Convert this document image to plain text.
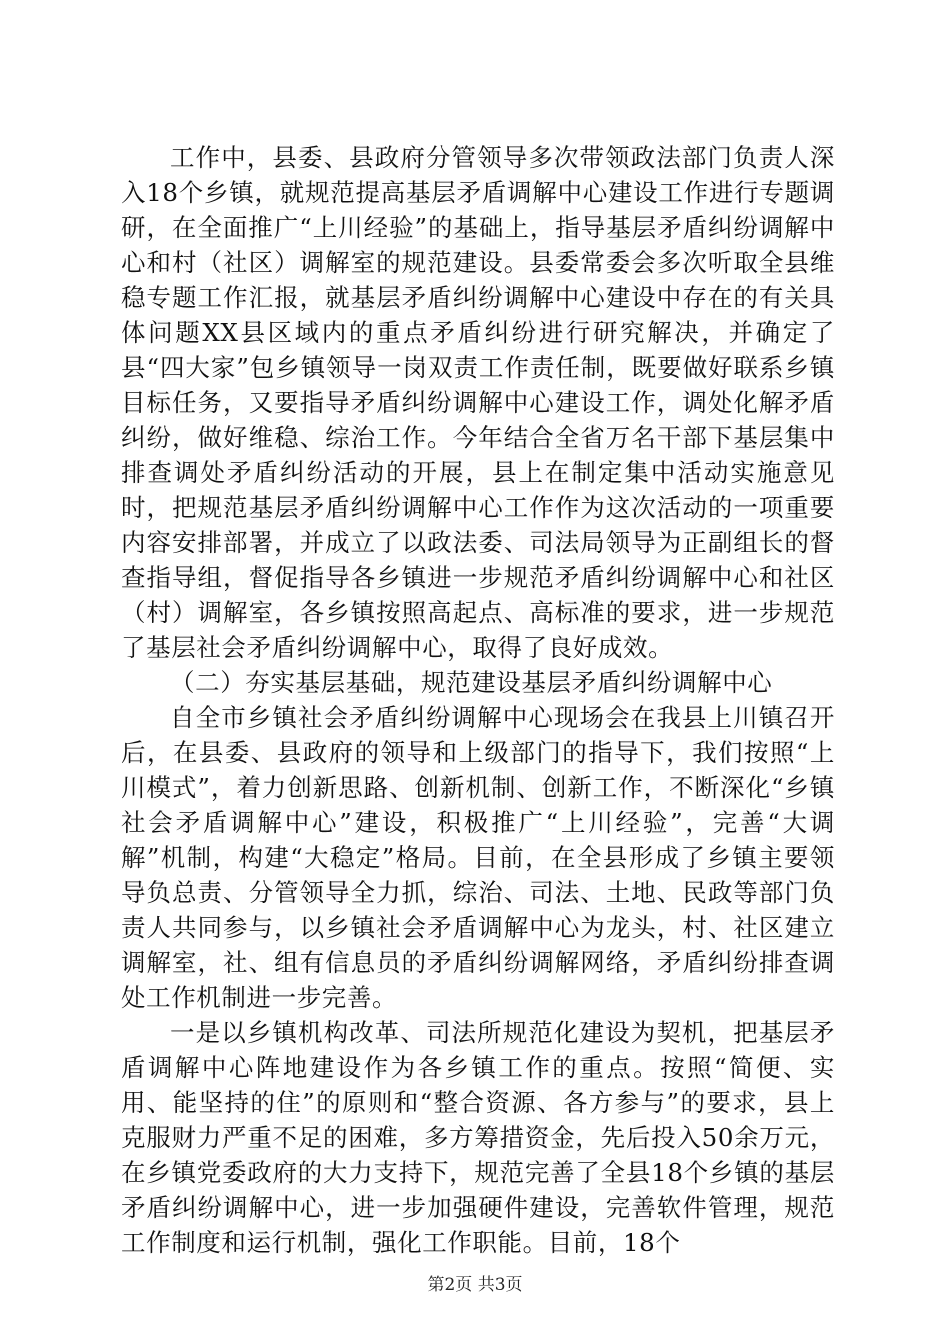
工作中，县委、县政府分管领导多次带领政法部门负责人深入18个乡镇，就规范提高基层矛盾调解中心建设工作进行专题调研，在全面推广“上川经验”的基础上，指导基层矛盾纠纷调解中心和村（社区）调解室的规范建设。县委常委会多次听取全县维稳专题工作汇报，就基层矛盾纠纷调解中心建设中存在的有关具体问题XX县区域内的重点矛盾纠纷进行研究解决，并确定了县“四大家”包乡镇领导一岗双责工作责任制，既要做好联系乡镇目标任务，又要指导矛盾纠纷调解中心建设工作，调处化解矛盾纠纷，做好维稳、综治工作。今年结合全省万名干部下基层集中排查调处矛盾纠纷活动的开展，县上在制定集中活动实施意见时，把规范基层矛盾纠纷调解中心工作作为这次活动的一项重要内容安排部署，并成立了以政法委、司法局领导为正副组长的督查指导组，督促指导各乡镇进一步规范矛盾纠纷调解中心和社区（村）调解室，各乡镇按照高起点、高标准的要求，进一步规范了基层社会矛盾纠纷调解中心，取得了良好成效。

（二）夯实基层基础，规范建设基层矛盾纠纷调解中心

自全市乡镇社会矛盾纠纷调解中心现场会在我县上川镇召开后，在县委、县政府的领导和上级部门的指导下，我们按照“上川模式”，着力创新思路、创新机制、创新工作，不断深化“乡镇社会矛盾调解中心”建设，积极推广“上川经验”，完善“大调解”机制，构建“大稳定”格局。目前，在全县形成了乡镇主要领导负总责、分管领导全力抓，综治、司法、土地、民政等部门负责人共同参与，以乡镇社会矛盾调解中心为龙头，村、社区建立调解室，社、组有信息员的矛盾纠纷调解网络，矛盾纠纷排查调处工作机制进一步完善。

一是以乡镇机构改革、司法所规范化建设为契机，把基层矛盾调解中心阵地建设作为各乡镇工作的重点。按照“简便、实用、能坚持的住”的原则和“整合资源、各方参与”的要求，县上克服财力严重不足的困难，多方筹措资金，先后投入50余万元，在乡镇党委政府的大力支持下，规范完善了全县18个乡镇的基层矛盾纠纷调解中心，进一步加强硬件建设，完善软件管理，规范工作制度和运行机制，强化工作职能。目前，18个

第2页 共3页
